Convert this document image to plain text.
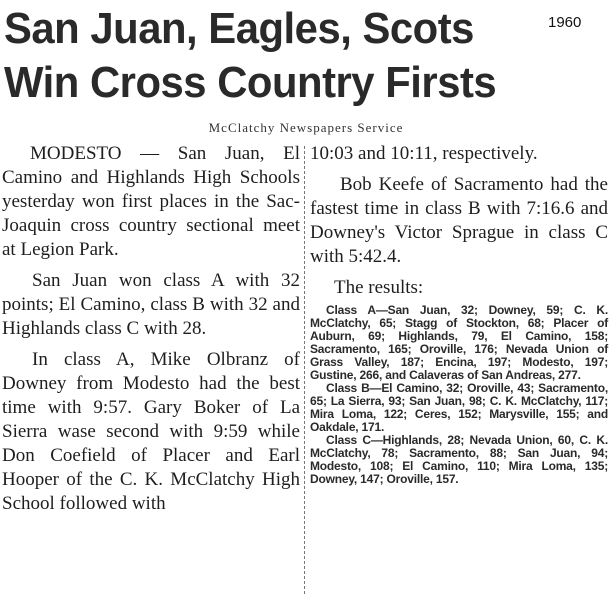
1960
San Juan, Eagles, Scots
Win Cross Country Firsts
McClatchy Newspapers Service

MODESTO — San Juan, El Camino and Highlands High Schools yesterday won first places in the Sac-Joaquin cross country sectional meet at Legion Park.

San Juan won class A with 32 points; El Camino, class B with 32 and Highlands class C with 28.

In class A, Mike Olbranz of Downey from Modesto had the best time with 9:57. Gary Boker of La Sierra wase second with 9:59 while Don Coefield of Placer and Earl Hooper of the C. K. McClatchy High School followed with

10:03 and 10:11, respectively.

Bob Keefe of Sacramento had the fastest time in class B with 7:16.6 and Downey's Victor Sprague in class C with 5:42.4.

The results:

Class A—San Juan, 32; Downey, 59; C. K. McClatchy, 65; Stagg of Stockton, 68; Placer of Auburn, 69; Highlands, 79, El Camino, 158; Sacramento, 165; Oroville, 176; Nevada Union of Grass Valley, 187; Encina, 197; Modesto, 197; Gustine, 266, and Calaveras of San Andreas, 277.

Class B—El Camino, 32; Oroville, 43; Sacramento, 65; La Sierra, 93; San Juan, 98; C. K. McClatchy, 117; Mira Loma, 122; Ceres, 152; Marysville, 155; and Oakdale, 171.

Class C—Highlands, 28; Nevada Union, 60, C. K. McClatchy, 78; Sacramento, 88; San Juan, 94; Modesto, 108; El Camino, 110; Mira Loma, 135; Downey, 147; Oroville, 157.
